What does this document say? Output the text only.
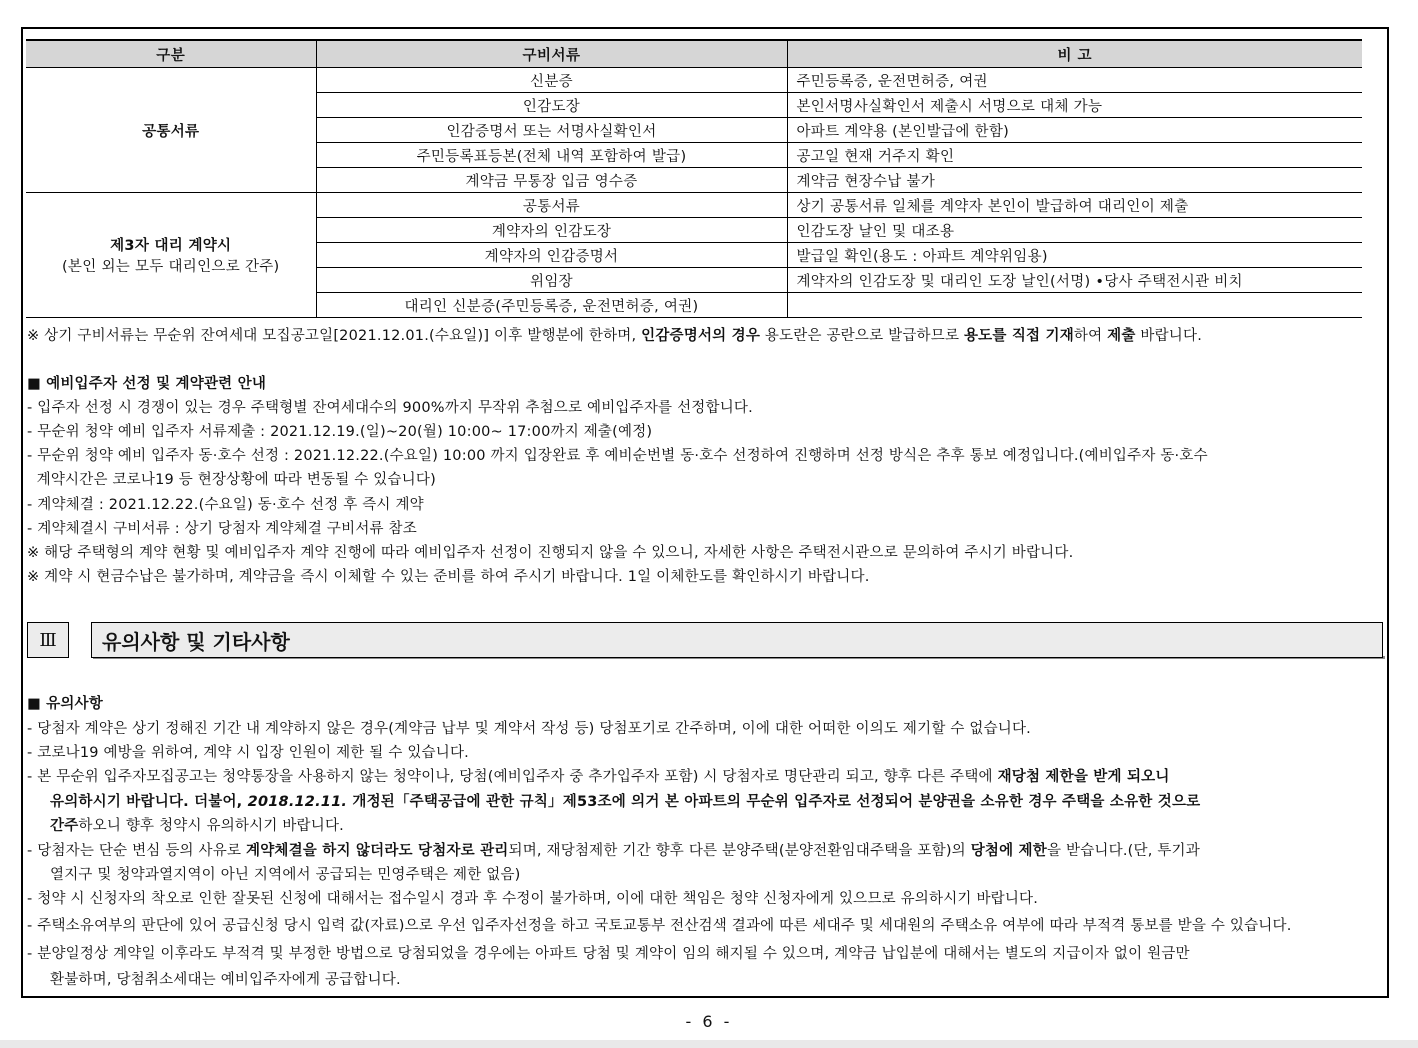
구분	구비서류	비 고
공통서류	신분증	주민등록증, 운전면허증, 여권
	인감도장	본인서명사실확인서 제출시 서명으로 대체 가능
	인감증명서 또는 서명사실확인서	아파트 계약용 (본인발급에 한함)
	주민등록표등본(전체 내역 포함하여 발급)	공고일 현재 거주지 확인
	계약금 무통장 입금 영수증	계약금 현장수납 불가

제3자 대리 계약시
(본인 외는 모두 대리인으로 간주)	공통서류	상기 공통서류 일체를 계약자 본인이 발급하여 대리인이 제출
	계약자의 인감도장	인감도장 날인 및 대조용
	계약자의 인감증명서	발급일 확인(용도 : 아파트 계약위임용)
	위임장	계약자의 인감도장 및 대리인 도장 날인(서명) •당사 주택전시관 비치
	대리인 신분증(주민등록증, 운전면허증, 여권)	
※ 상기 구비서류는 무순위 잔여세대 모집공고일[2021.12.01.(수요일)] 이후 발행분에 한하며, 인감증명서의 경우 용도란은 공란으로 발급하므로 용도를 직접 기재하여 제출 바랍니다.
■ 예비입주자 선정 및 계약관련 안내
- 입주자 선정 시 경쟁이 있는 경우 주택형별 잔여세대수의 900%까지 무작위 추첨으로 예비입주자를 선정합니다.
- 무순위 청약 예비 입주자 서류제출 : 2021.12.19.(일)~20(월) 10:00~ 17:00까지 제출(예정)
- 무순위 청약 예비 입주자 동·호수 선정 : 2021.12.22.(수요일) 10:00 까지 입장완료 후 예비순번별 동·호수 선정하여 진행하며 선정 방식은 추후 통보 예정입니다.(예비입주자 동·호수
계약시간은 코로나19 등 현장상황에 따라 변동될 수 있습니다)
- 계약체결 : 2021.12.22.(수요일) 동·호수 선정 후 즉시 계약
- 계약체결시 구비서류 : 상기 당첨자 계약체결 구비서류 참조
※ 해당 주택형의 계약 현황 및 예비입주자 계약 진행에 따라 예비입주자 선정이 진행되지 않을 수 있으니, 자세한 사항은 주택전시관으로 문의하여 주시기 바랍니다.
※ 계약 시 현금수납은 불가하며, 계약금을 즉시 이체할 수 있는 준비를 하여 주시기 바랍니다. 1일 이체한도를 확인하시기 바랍니다.
Ⅲ	유의사항 및 기타사항
■ 유의사항
- 당첨자 계약은 상기 정해진 기간 내 계약하지 않은 경우(계약금 납부 및 계약서 작성 등) 당첨포기로 간주하며, 이에 대한 어떠한 이의도 제기할 수 없습니다.
- 코로나19 예방을 위하여, 계약 시 입장 인원이 제한 될 수 있습니다.
- 본 무순위 입주자모집공고는 청약통장을 사용하지 않는 청약이나, 당첨(예비입주자 중 추가입주자 포함) 시 당첨자로 명단관리 되고, 향후 다른 주택에 재당첨 제한을 받게 되오니
유의하시기 바랍니다. 더불어, 2018.12.11. 개정된「주택공급에 관한 규칙」제53조에 의거 본 아파트의 무순위 입주자로 선정되어 분양권을 소유한 경우 주택을 소유한 것으로
간주하오니 향후 청약시 유의하시기 바랍니다.
- 당첨자는 단순 변심 등의 사유로 계약체결을 하지 않더라도 당첨자로 관리되며, 재당첨제한 기간 향후 다른 분양주택(분양전환임대주택을 포함)의 당첨에 제한을 받습니다.(단, 투기과
열지구 및 청약과열지역이 아닌 지역에서 공급되는 민영주택은 제한 없음)
- 청약 시 신청자의 착오로 인한 잘못된 신청에 대해서는 접수일시 경과 후 수정이 불가하며, 이에 대한 책임은 청약 신청자에게 있으므로 유의하시기 바랍니다.
- 주택소유여부의 판단에 있어 공급신청 당시 입력 값(자료)으로 우선 입주자선정을 하고 국토교통부 전산검색 결과에 따른 세대주 및 세대원의 주택소유 여부에 따라 부적격 통보를 받을 수 있습니다.
- 분양일정상 계약일 이후라도 부적격 및 부정한 방법으로 당첨되었을 경우에는 아파트 당첨 및 계약이 임의 해지될 수 있으며, 계약금 납입분에 대해서는 별도의 지급이자 없이 원금만
환불하며, 당첨취소세대는 예비입주자에게 공급합니다.
- 6 -
